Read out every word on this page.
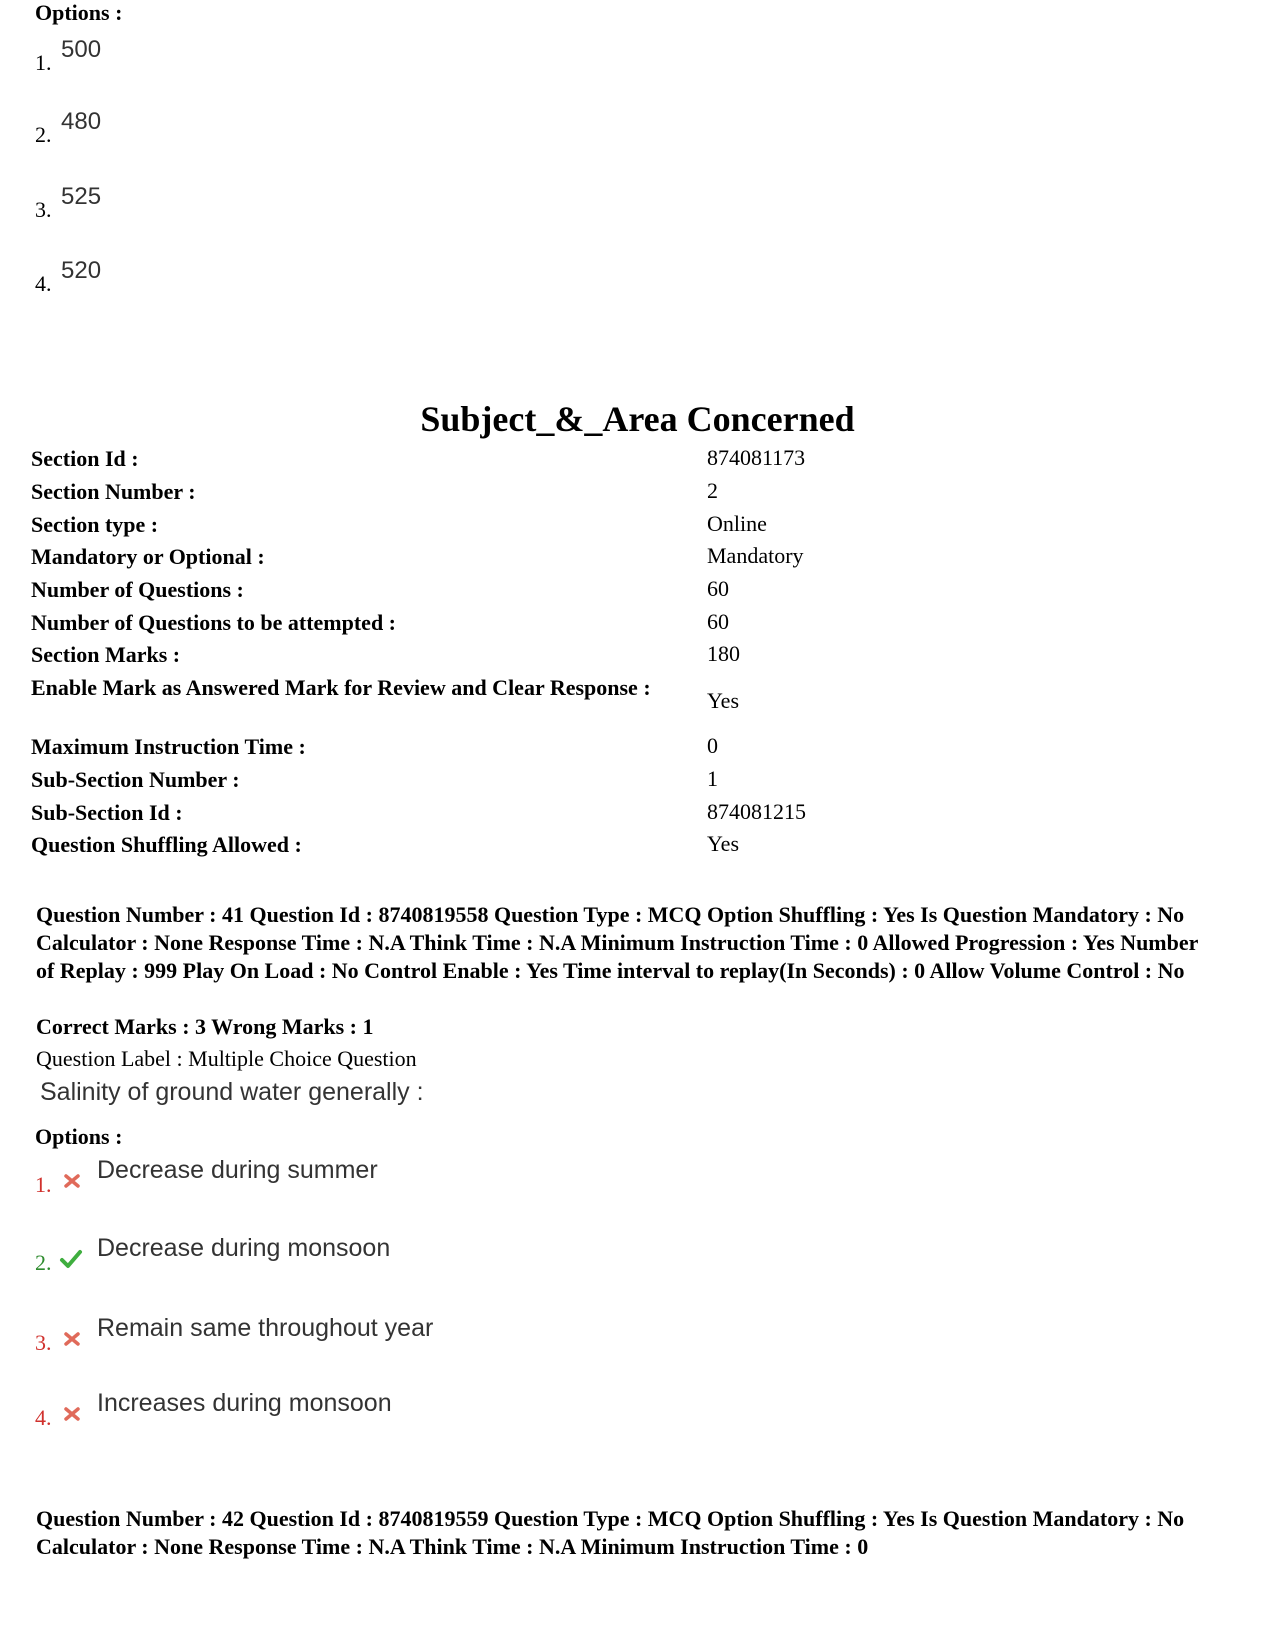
Options :
1. 500
2. 480
3. 525
4. 520
Subject_&_Area Concerned
Section Id :	874081173
Section Number :	2
Section type :	Online
Mandatory or Optional :	Mandatory
Number of Questions :	60
Number of Questions to be attempted :	60
Section Marks :	180
Enable Mark as Answered Mark for Review and Clear Response :
Yes
Maximum Instruction Time :	0
Sub-Section Number :	1
Sub-Section Id :	874081215
Question Shuffling Allowed :	Yes
Question Number : 41 Question Id : 8740819558 Question Type : MCQ Option Shuffling : Yes Is Question Mandatory : No Calculator : None Response Time : N.A Think Time : N.A Minimum Instruction Time : 0 Allowed Progression : Yes Number of Replay : 999 Play On Load : No Control Enable : Yes Time interval to replay(In Seconds) : 0 Allow Volume Control : No
Correct Marks : 3 Wrong Marks : 1
Question Label : Multiple Choice Question
Salinity of ground water generally :
Options :
1.
Decrease during summer
2.
Decrease during monsoon
3.
Remain same throughout year
4.
Increases during monsoon
Question Number : 42 Question Id : 8740819559 Question Type : MCQ Option Shuffling : Yes Is Question Mandatory : No Calculator : None Response Time : N.A Think Time : N.A Minimum Instruction Time : 0
